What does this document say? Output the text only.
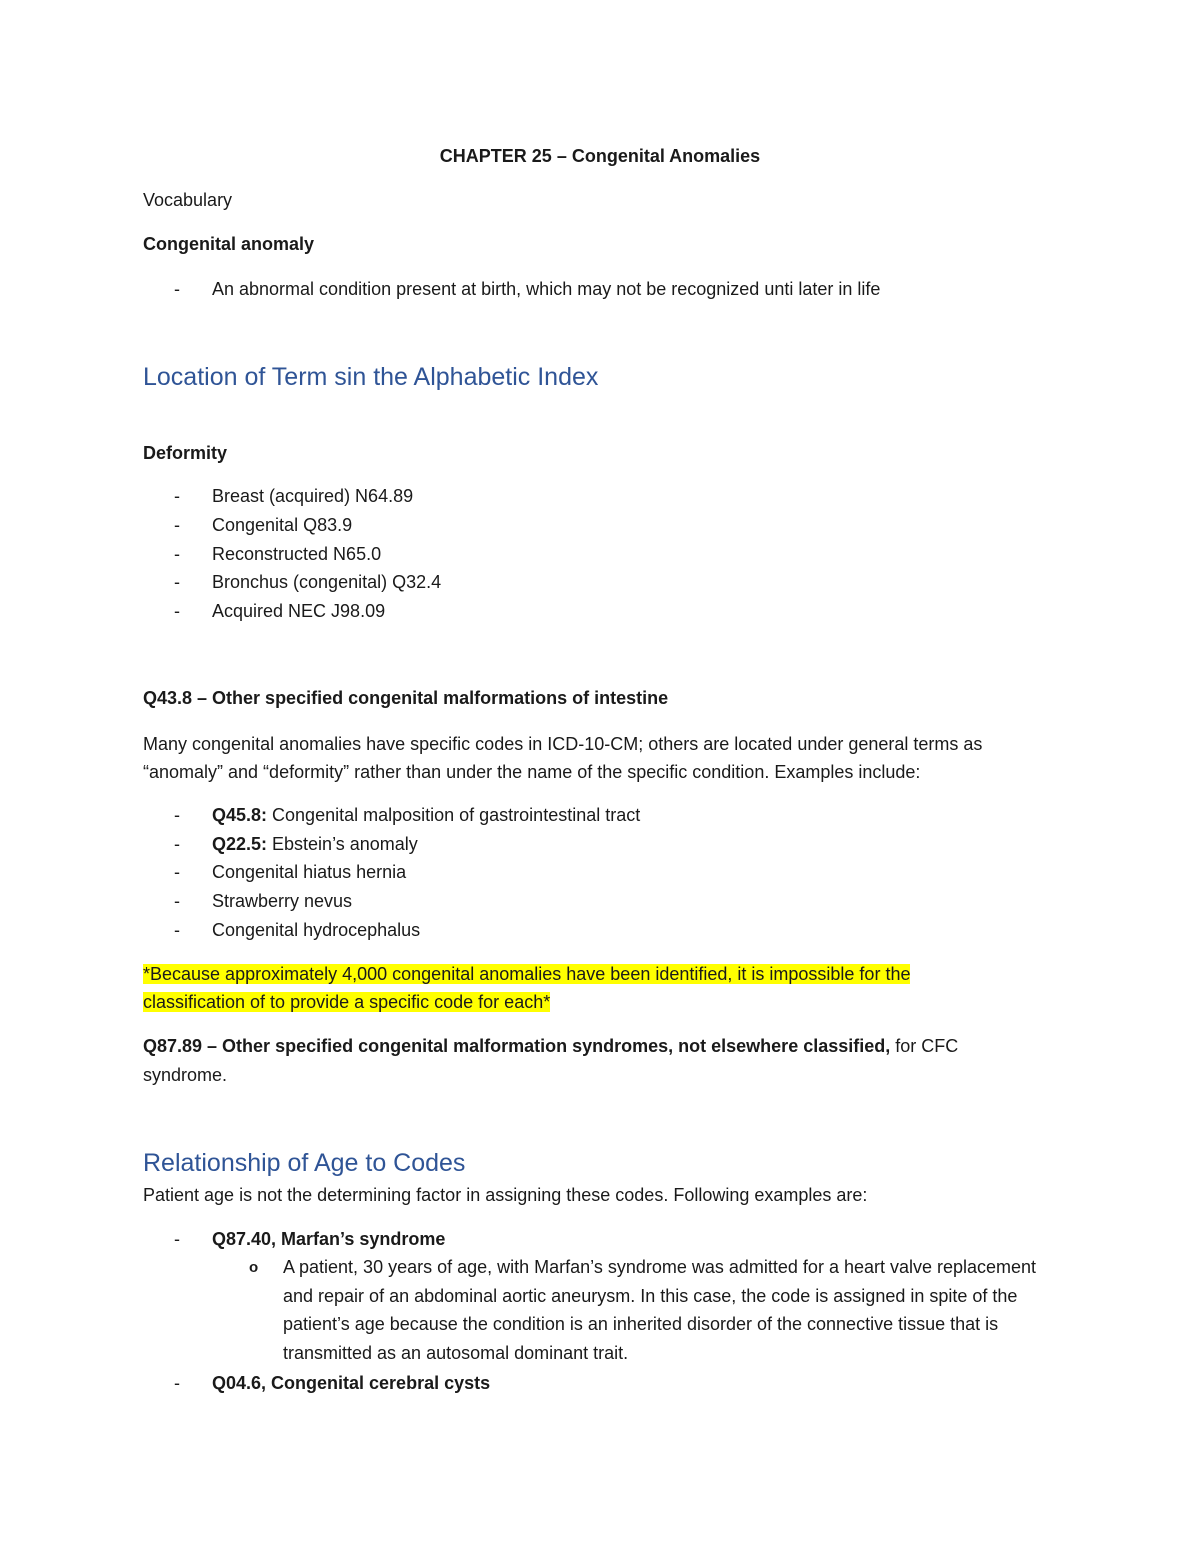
CHAPTER 25 – Congenital Anomalies

Vocabulary

Congenital anomaly

- An abnormal condition present at birth, which may not be recognized unti later in life
Location of Term sin the Alphabetic Index

Deformity

- Breast (acquired) N64.89
- Congenital Q83.9
- Reconstructed N65.0
- Bronchus (congenital) Q32.4
- Acquired NEC J98.09

Q43.8 – Other specified congenital malformations of intestine

Many congenital anomalies have specific codes in ICD-10-CM; others are located under general terms as

“anomaly” and “deformity” rather than under the name of the specific condition. Examples include:

- Q45.8: Congenital malposition of gastrointestinal tract
- Q22.5: Ebstein’s anomaly
- Congenital hiatus hernia
- Strawberry nevus
- Congenital hydrocephalus

*Because approximately 4,000 congenital anomalies have been identified, it is impossible for the

classification of to provide a specific code for each*

Q87.89 – Other specified congenital malformation syndromes, not elsewhere classified, for CFC

syndrome.

Relationship of Age to Codes

Patient age is not the determining factor in assigning these codes. Following examples are:

- Q87.40, Marfan’s syndrome
o A patient, 30 years of age, with Marfan’s syndrome was admitted for a heart valve replacement and repair of an abdominal aortic aneurysm. In this case, the code is assigned in spite of the patient’s age because the condition is an inherited disorder of the connective tissue that is transmitted as an autosomal dominant trait.
- Q04.6, Congenital cerebral cysts
